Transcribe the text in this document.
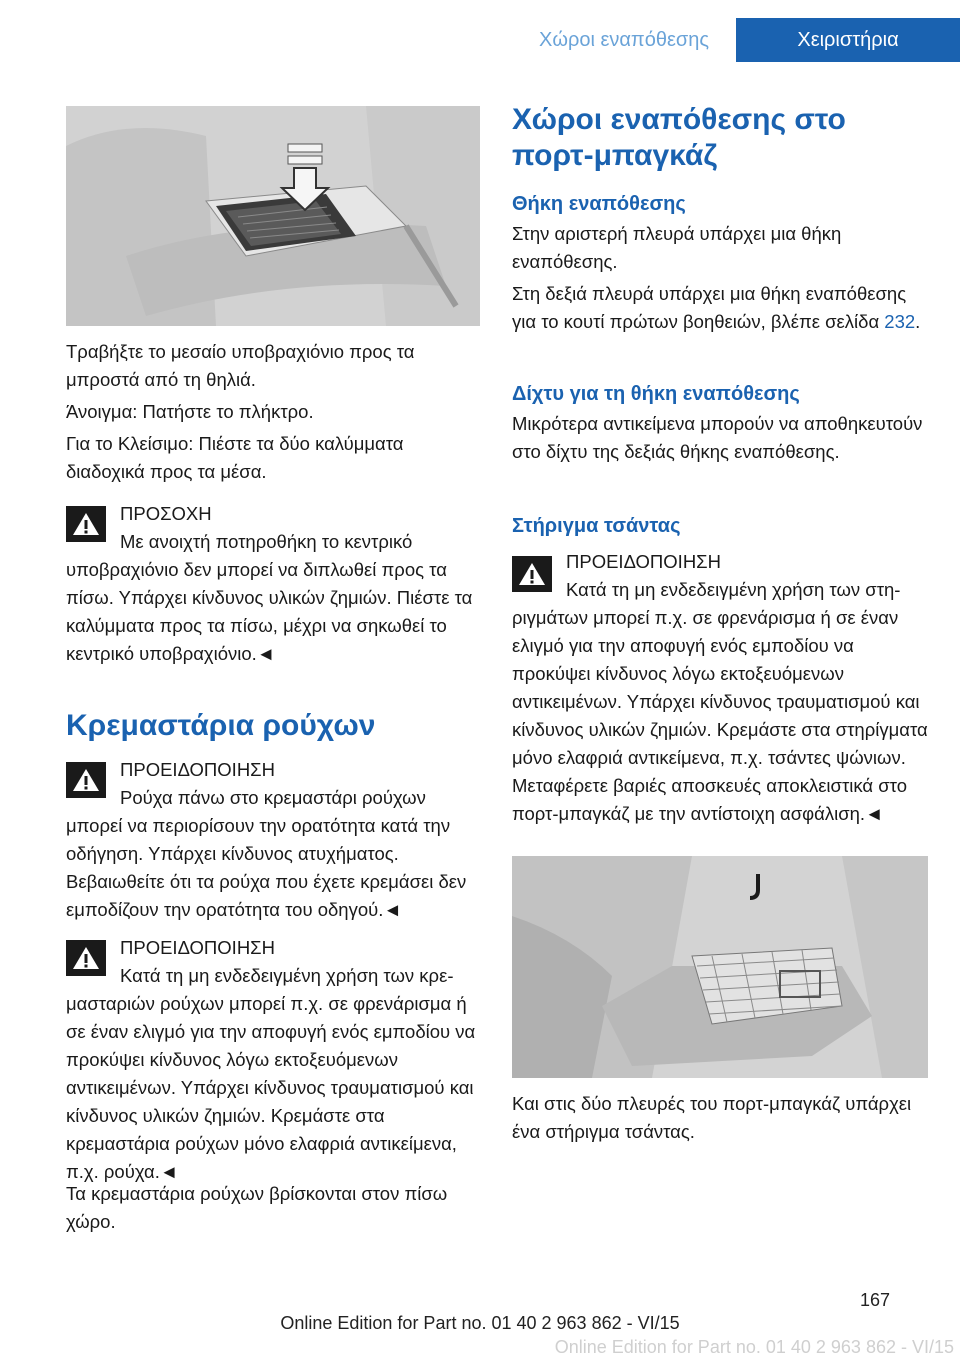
Χώροι εναπόθεσης	Χειριστήρια

Τραβήξτε το μεσαίο υποβραχιόνιο προς τα μπροστά από τη θηλιά.

Άνοιγμα: Πατήστε το πλήκτρο.

Για το Κλείσιμο: Πιέστε τα δύο καλύμματα διαδοχικά προς τα μέσα.

ΠΡΟΣΟΧΗ
Με ανοιχτή ποτηροθήκη το κεντρικό
υποβραχιόνιο δεν μπορεί να διπλωθεί προς τα πίσω. Υπάρχει κίνδυνος υλικών ζημιών. Πιέστε τα καλύμματα προς τα πίσω, μέχρι να σηκωθεί το κεντρικό υποβραχιόνιο.◄
Κρεμαστάρια ρούχων
ΠΡΟΕΙΔΟΠΟΙΗΣΗ
Ρούχα πάνω στο κρεμαστάρι ρούχων
μπορεί να περιορίσουν την ορατότητα κατά την οδήγηση. Υπάρχει κίνδυνος ατυχήματος. Βεβαιωθείτε ότι τα ρούχα που έχετε κρεμάσει δεν εμποδίζουν την ορατότητα του οδηγού.◄
ΠΡΟΕΙΔΟΠΟΙΗΣΗ
Κατά τη μη ενδεδειγμένη χρήση των κρε-
μασταριών ρούχων μπορεί π.χ. σε φρενάρισμα ή σε έναν ελιγμό για την αποφυγή ενός εμποδίου να προκύψει κίνδυνος λόγω εκτοξευόμενων αντικειμένων. Υπάρχει κίνδυνος τραυματισμού και κίνδυνος υλικών ζημιών. Κρεμάστε στα κρεμαστάρια ρούχων μόνο ελαφριά αντικείμενα, π.χ. ρούχα.◄

Τα κρεμαστάρια ρούχων βρίσκονται στον πίσω χώρο.

Χώροι εναπόθεσης στο πορτ-μπαγκάζ
Θήκη εναπόθεσης

Στην αριστερή πλευρά υπάρχει μια θήκη εναπόθεσης.

Στη δεξιά πλευρά υπάρχει μια θήκη εναπόθεσης για το κουτί πρώτων βοηθειών, βλέπε σελίδα 232.

Δίχτυ για τη θήκη εναπόθεσης

Μικρότερα αντικείμενα μπορούν να αποθηκευτούν στο δίχτυ της δεξιάς θήκης εναπόθεσης.

Στήριγμα τσάντας
ΠΡΟΕΙΔΟΠΟΙΗΣΗ
Κατά τη μη ενδεδειγμένη χρήση των στη-
ριγμάτων μπορεί π.χ. σε φρενάρισμα ή σε έναν ελιγμό για την αποφυγή ενός εμποδίου να προκύψει κίνδυνος λόγω εκτοξευόμενων αντικειμένων. Υπάρχει κίνδυνος τραυματισμού και κίνδυνος υλικών ζημιών. Κρεμάστε στα στηρίγματα μόνο ελαφριά αντικείμενα, π.χ. τσάντες ψώνιων. Μεταφέρετε βαριές αποσκευές αποκλειστικά στο πορτ-μπαγκάζ με την αντίστοιχη ασφάλιση.◄

Και στις δύο πλευρές του πορτ-μπαγκάζ υπάρχει ένα στήριγμα τσάντας.

167
Online Edition for Part no. 01 40 2 963 862 - VI/15
Online Edition for Part no. 01 40 2 963 862 - VI/15
